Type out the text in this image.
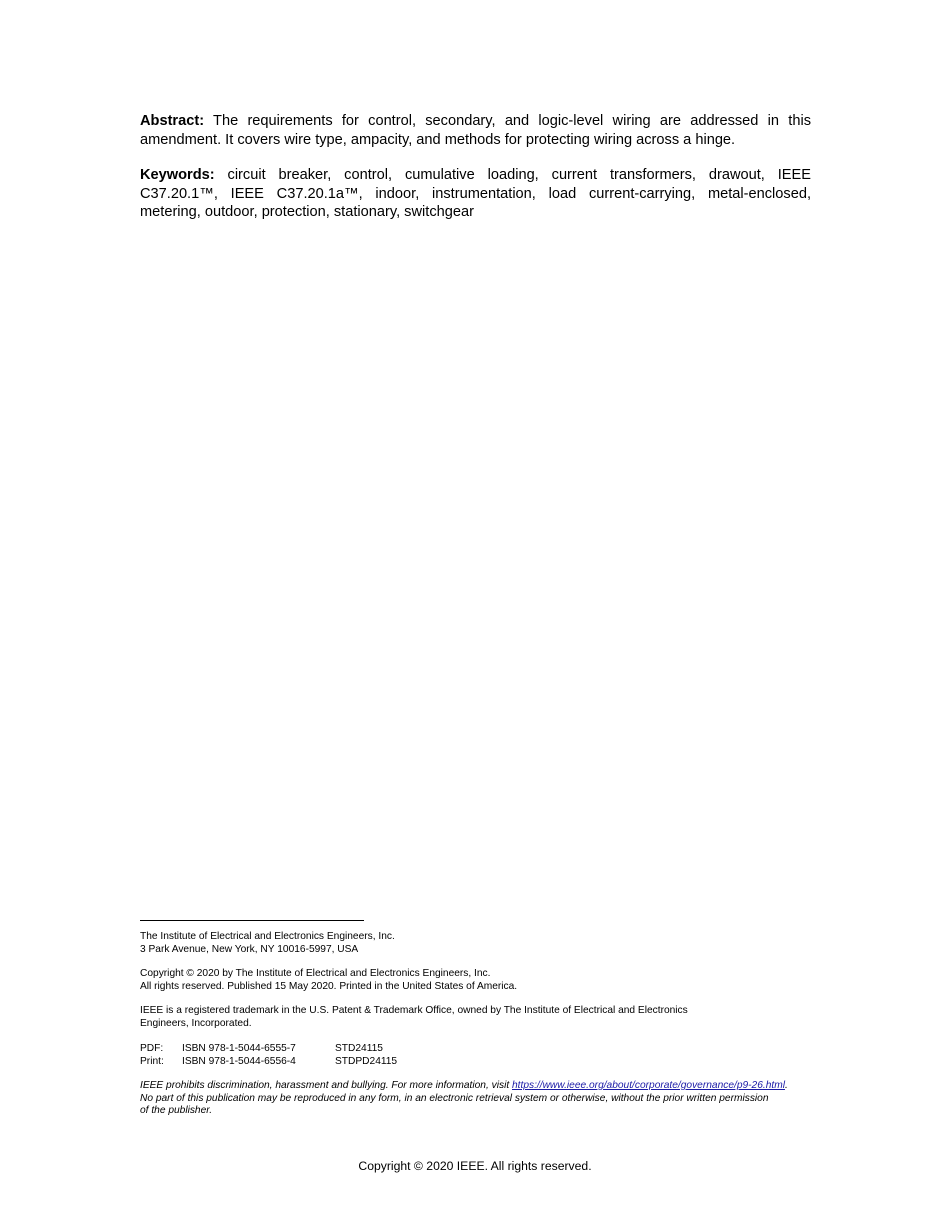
Abstract: The requirements for control, secondary, and logic-level wiring are addressed in this amendment. It covers wire type, ampacity, and methods for protecting wiring across a hinge.

Keywords: circuit breaker, control, cumulative loading, current transformers, drawout, IEEE C37.20.1™, IEEE C37.20.1a™, indoor, instrumentation, load current-carrying, metal-enclosed, metering, outdoor, protection, stationary, switchgear

The Institute of Electrical and Electronics Engineers, Inc.
3 Park Avenue, New York, NY 10016-5997, USA
Copyright © 2020 by The Institute of Electrical and Electronics Engineers, Inc.
All rights reserved. Published 15 May 2020. Printed in the United States of America.
IEEE is a registered trademark in the U.S. Patent & Trademark Office, owned by The Institute of Electrical and Electronics
Engineers, Incorporated.
PDF: ISBN 978-1-5044-6555-7	STD24115
Print: ISBN 978-1-5044-6556-4	STDPD24115
IEEE prohibits discrimination, harassment and bullying. For more information, visit https://www.ieee.org/about/corporate/governance/p9-26.html.
No part of this publication may be reproduced in any form, in an electronic retrieval system or otherwise, without the prior written permission
of the publisher.
Copyright © 2020 IEEE. All rights reserved.
